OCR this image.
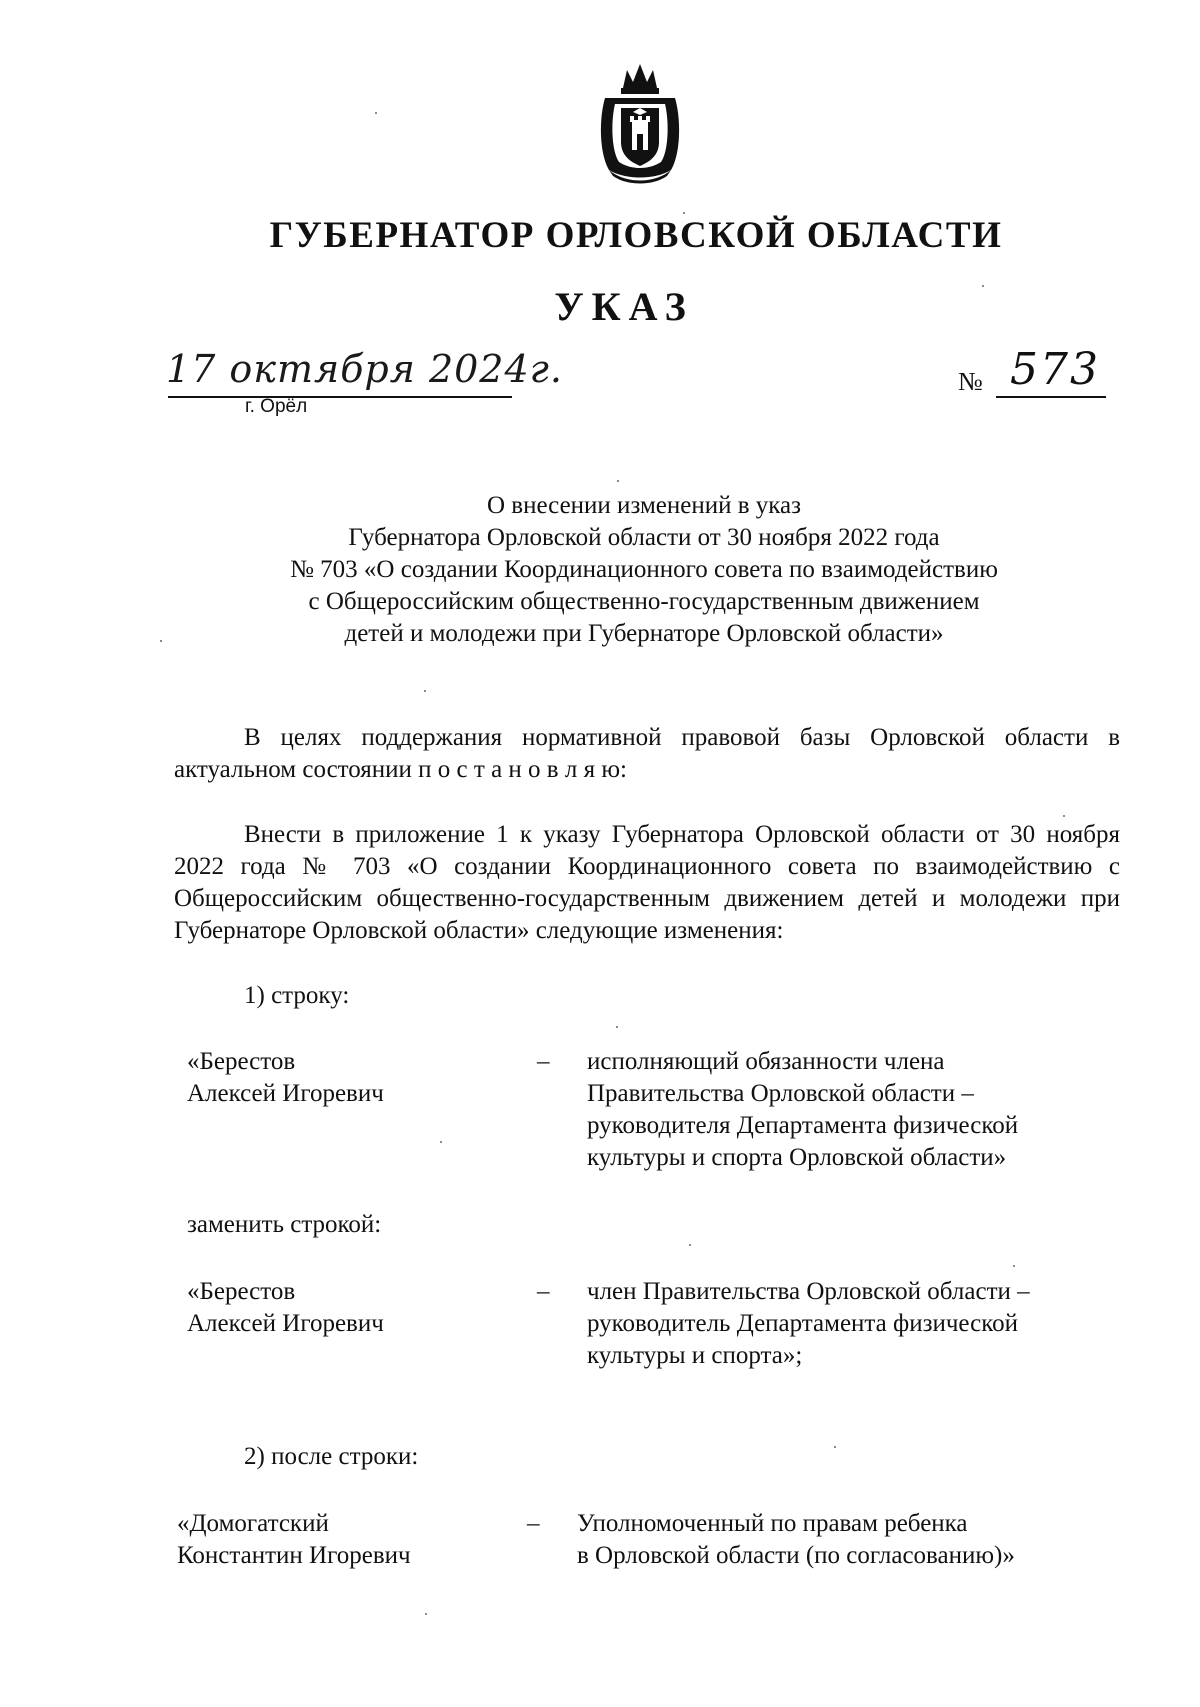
ГУБЕРНАТОР ОРЛОВСКОЙ ОБЛАСТИ
УКАЗ
17 октября 2024г.
г. Орёл
№ 573
О внесении изменений в указ
Губернатора Орловской области от 30 ноября 2022 года
№ 703 «О создании Координационного совета по взаимодействию
с Общероссийским общественно-государственным движением
детей и молодежи при Губернаторе Орловской области»

В целях поддержания нормативной правовой базы Орловской области в актуальном состоянии п о с т а н о в л я ю:

Внести в приложение 1 к указу Губернатора Орловской области от 30 ноября 2022 года № 703 «О создании Координационного совета по взаимодействию с Общероссийским общественно-государственным движением детей и молодежи при Губернаторе Орловской области» следующие изменения:

1) строку:
«Берестов
Алексей Игоревич
– исполняющий обязанности члена
Правительства Орловской области –
руководителя Департамента физической
культуры и спорта Орловской области»
заменить строкой:
«Берестов
Алексей Игоревич
– член Правительства Орловской области –
руководитель Департамента физической
культуры и спорта»;
2) после строки:
«Домогатский
Константин Игоревич
– Уполномоченный по правам ребенка
в Орловской области (по согласованию)»
